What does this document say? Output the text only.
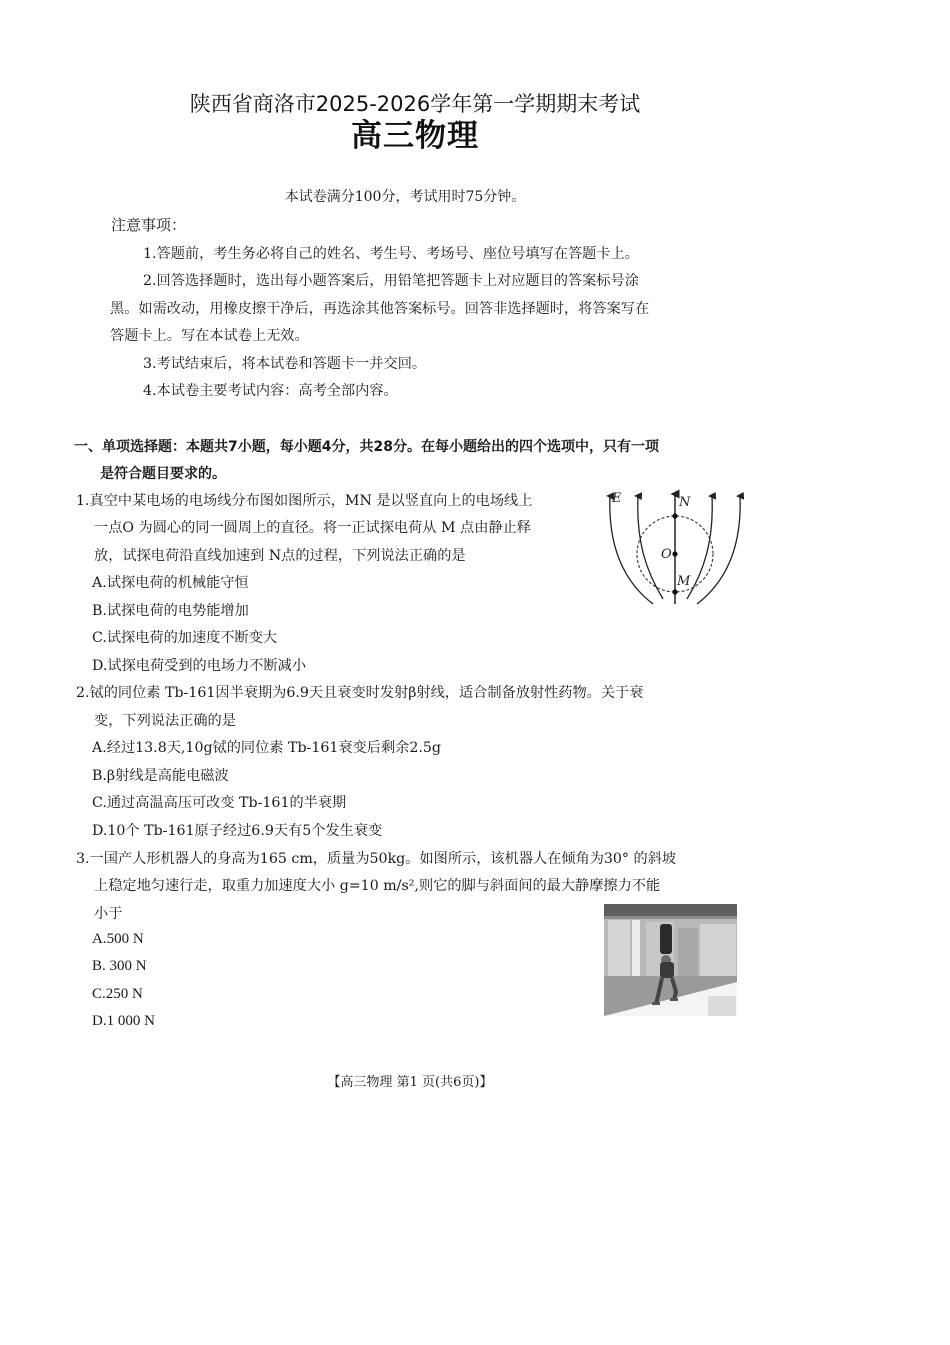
陕西省商洛市2025-2026学年第一学期期末考试
高三物理
本试卷满分100分，考试用时75分钟。
注意事项：
1.答题前，考生务必将自己的姓名、考生号、考场号、座位号填写在答题卡上。
2.回答选择题时，选出每小题答案后，用铅笔把答题卡上对应题目的答案标号涂
黑。如需改动，用橡皮擦干净后，再选涂其他答案标号。回答非选择题时，将答案写在
答题卡上。写在本试卷上无效。
3.考试结束后，将本试卷和答题卡一并交回。
4.本试卷主要考试内容：高考全部内容。
一、单项选择题：本题共7小题，每小题4分，共28分。在每小题给出的四个选项中，只有一项
是符合题目要求的。
1.真空中某电场的电场线分布图如图所示，MN 是以竖直向上的电场线上
一点O 为圆心的同一圆周上的直径。将一正试探电荷从 M 点由静止释
放，试探电荷沿直线加速到 N点的过程，下列说法正确的是
A.试探电荷的机械能守恒
B.试探电荷的电势能增加
C.试探电荷的加速度不断变大
D.试探电荷受到的电场力不断减小
E	N
O
M
2.铽的同位素 Tb-161因半衰期为6.9天且衰变时发射β射线，适合制备放射性药物。关于衰
变，下列说法正确的是
A.经过13.8天,10g铽的同位素 Tb-161衰变后剩余2.5g
B.β射线是高能电磁波
C.通过高温高压可改变 Tb-161的半衰期
D.10个 Tb-161原子经过6.9天有5个发生衰变
3.一国产人形机器人的身高为165 cm，质量为50kg。如图所示，该机器人在倾角为30° 的斜坡
上稳定地匀速行走，取重力加速度大小 g=10 m/s²,则它的脚与斜面间的最大静摩擦力不能
小于
A.500 N
B. 300 N
C.250 N
D.1 000 N
【高三物理 第1 页(共6页)】
